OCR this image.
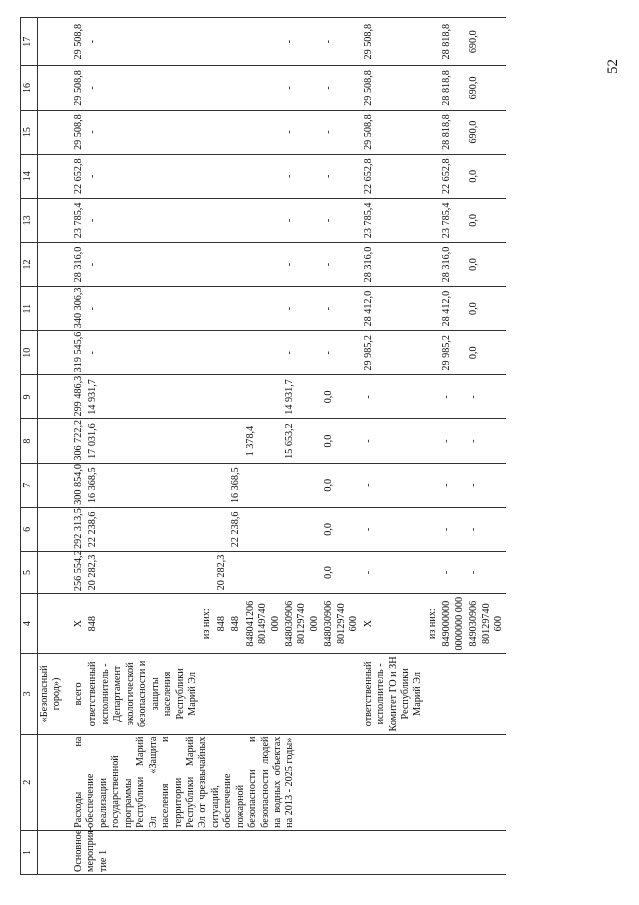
52
1	2	3	4	5	6	7	8	9	10	11	12	13	14	15	16	17
		«Безопасный город»)														
Основное мероприя-тие 1	Расходы на обеспечение реализации государственной программы Республики Марий Эл «Защита населения и территории Республики Марий Эл от чрезвычайных ситуаций, обеспечение пожарной безопасности и безопасности людей на водных объектах на 2013 - 2025 годы»	всего	X	256 554,2	292 313,5	300 854,0	306 722,2	299 486,3	319 545,6	340 306,3	28 316,0	23 785,4	22 652,8	29 508,8	29 508,8	29 508,8
		ответственный исполнитель - Департамент экологической безопасности и защиты населения Республики Марий Эл	848	20 282,3	22 238,6	16 368,5	17 031,6	14 931,7	-	-	-	-	-	-	-	-
			из них:													
			848	20 282,3												
			848		22 238,6	16 368,5										
			848041206 80149740 000				1 378,4									
			848030906 80129740 000				15 653,2	14 931,7	-	-	-	-	-	-	-	-
			848030906 80129740 600	0,0	0,0	0,0	0,0	0,0	-	-	-	-	-	-	-	-
		ответственный исполнитель - Комитет ГО и ЗН Республики Марий Эл	X	-	-	-	-	-	29 985,2	28 412,0	28 316,0	23 785,4	22 652,8	29 508,8	29 508,8	29 508,8
			из них:													
			849000000 0000000 000	-	-	-	-	-	29 985,2	28 412,0	28 316,0	23 785,4	22 652,8	28 818,8	28 818,8	28 818,8
			849030906 80129740 600	-	-	-	-	-	0,0	0,0	0,0	0,0	0,0	690,0	690,0	690,0
